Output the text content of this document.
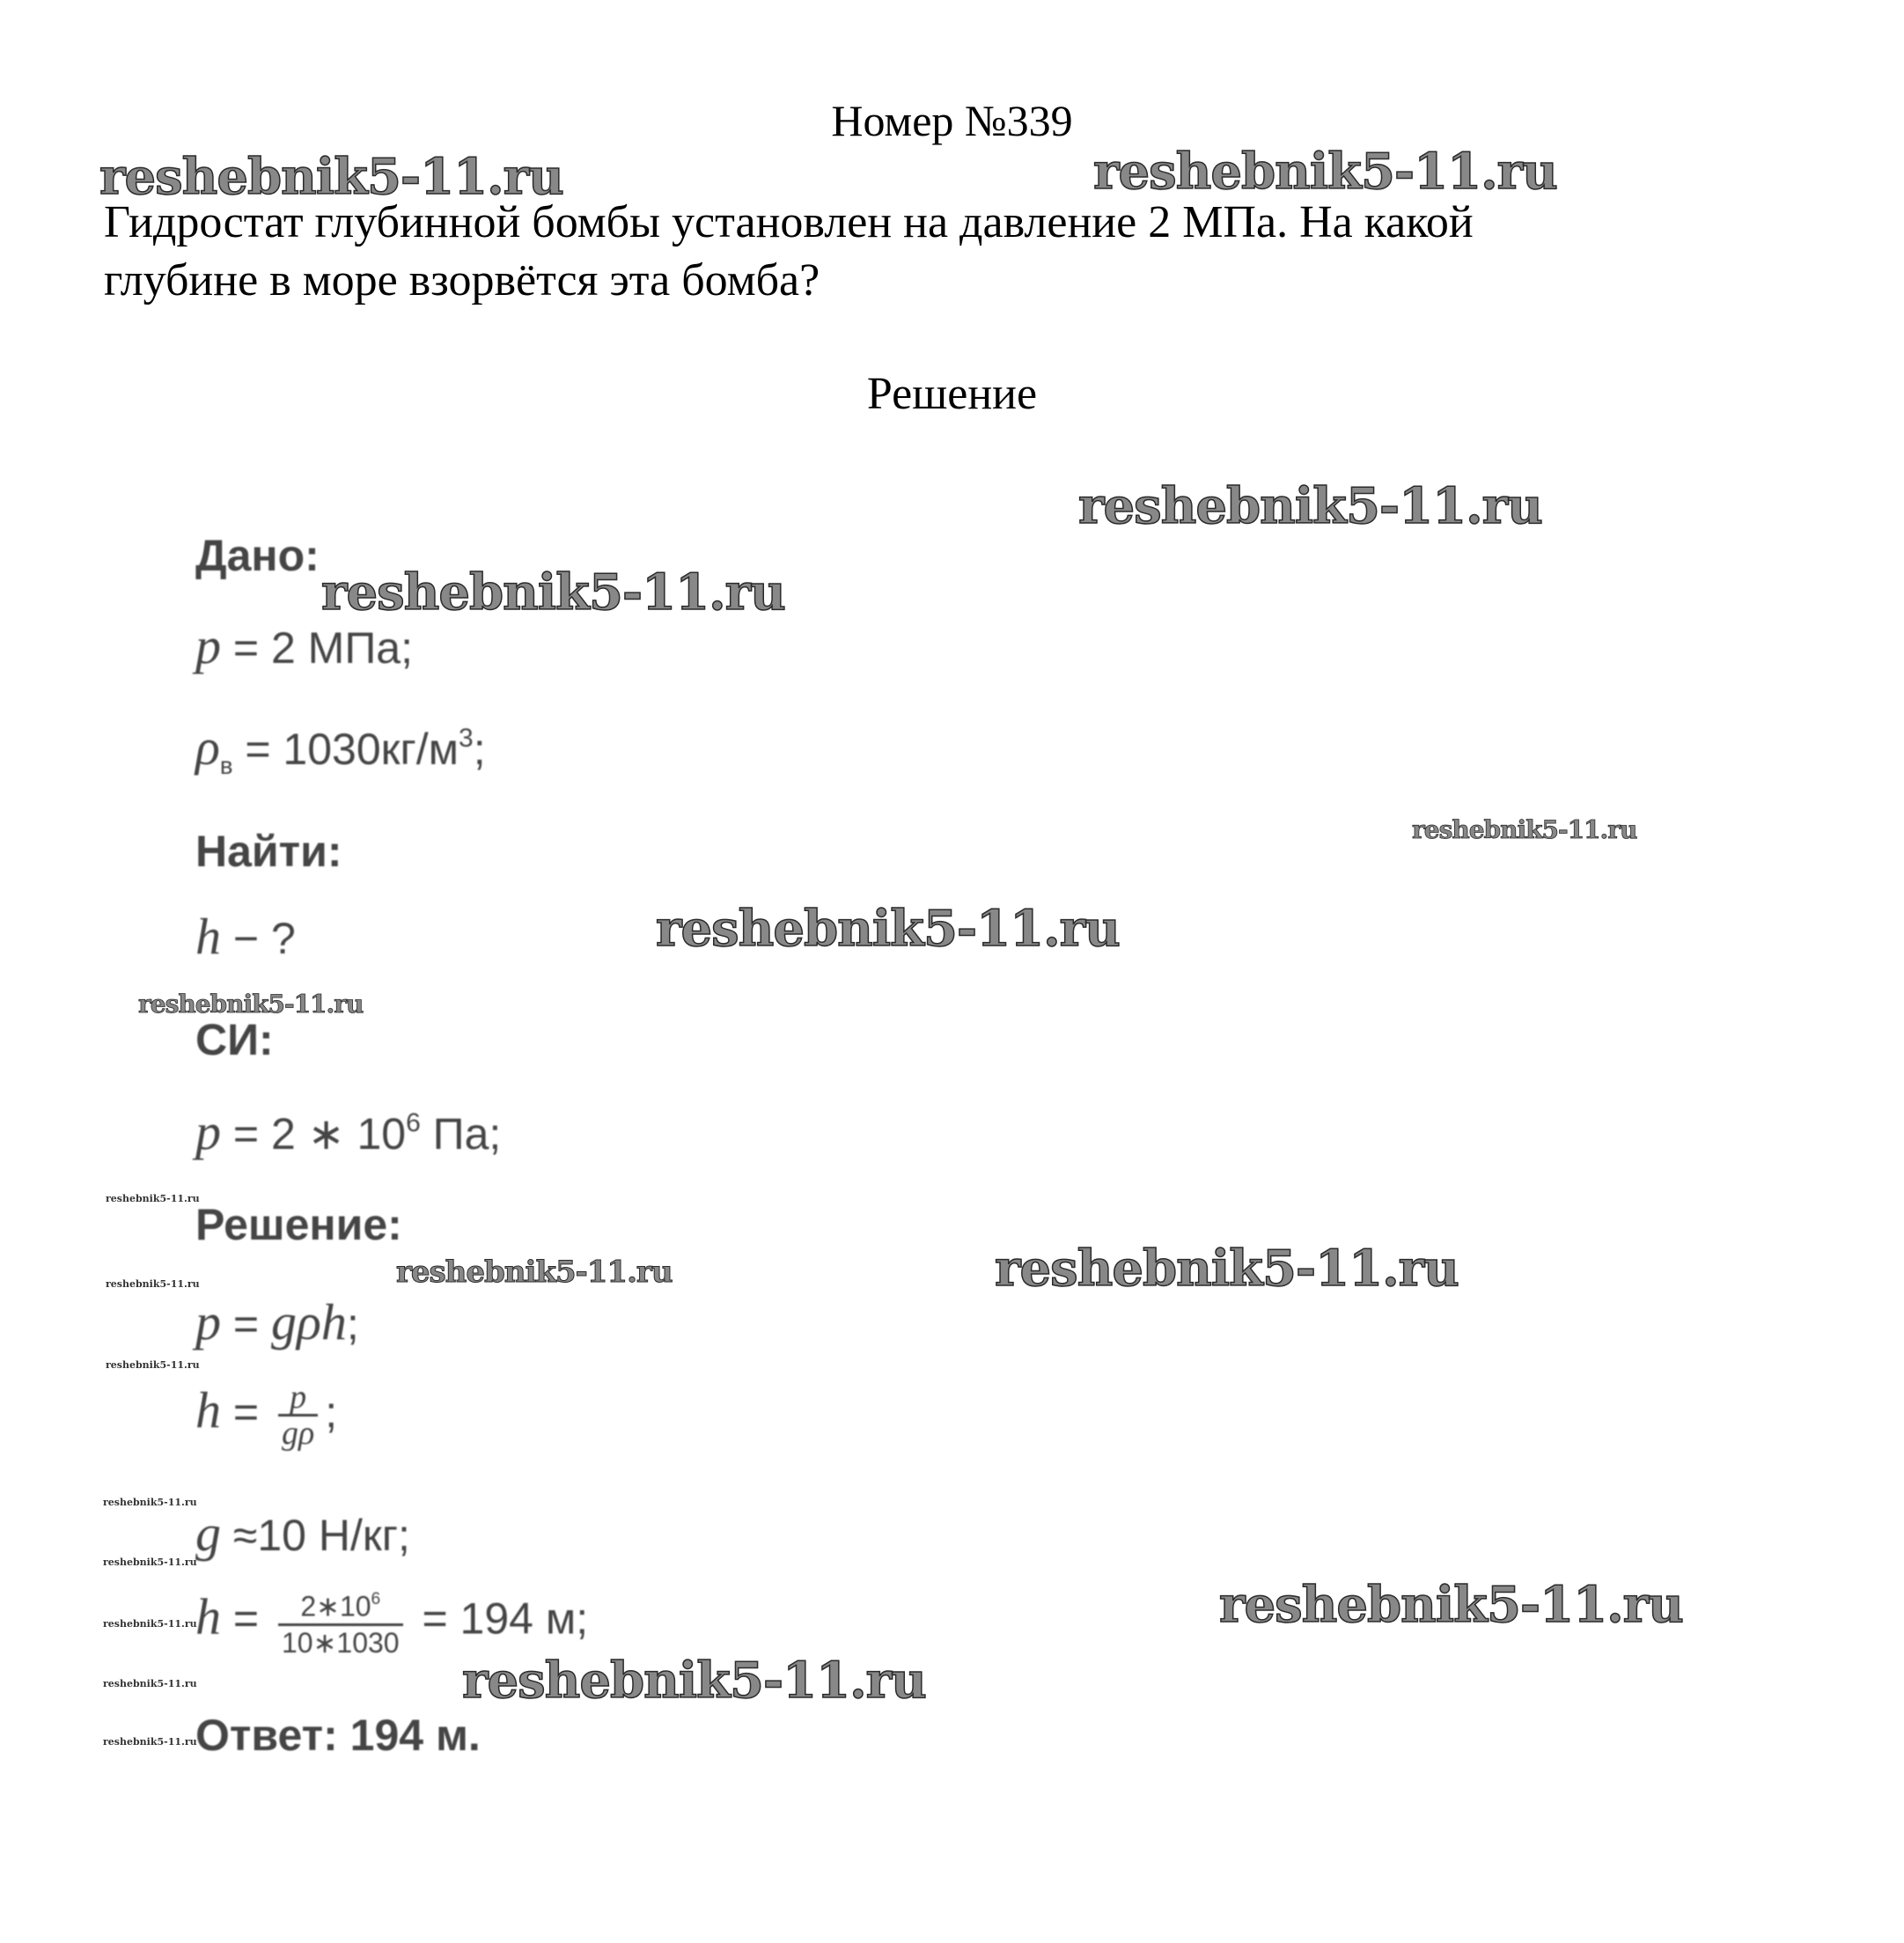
Номер №339
Гидростат глубинной бомбы установлен на давление 2 МПа. На какой
глубине в море взорвётся эта бомба?
Решение
Дано:
p = 2 МПа;
$\rho_в = 1030кг/м^3$;
Найти:
h − ?
СИ:
p = 2 ∗ $10^6$ Па;
Решение:
p = gρh;
$h = \frac{p}{g\rho}$ ;
g ≈10 Н/кг;
$h = \frac{2∗10^6}{10∗1030} = 194$ м;
Ответ: 194 м.
reshebnik5-11.ru	reshebnik5-11.ru
reshebnik5-11.ru
reshebnik5-11.ru
reshebnik5-11.ru
reshebnik5-11.ru
reshebnik5-11.ru
reshebnik5-11.ru
reshebnik5-11.ru	reshebnik5-11.ru
reshebnik5-11.ru
reshebnik5-11.ru
reshebnik5-11.ru
reshebnik5-11.ru
reshebnik5-11.ru
reshebnik5-11.ru
reshebnik5-11.ru
reshebnik5-11.ru
reshebnik5-11.ru
